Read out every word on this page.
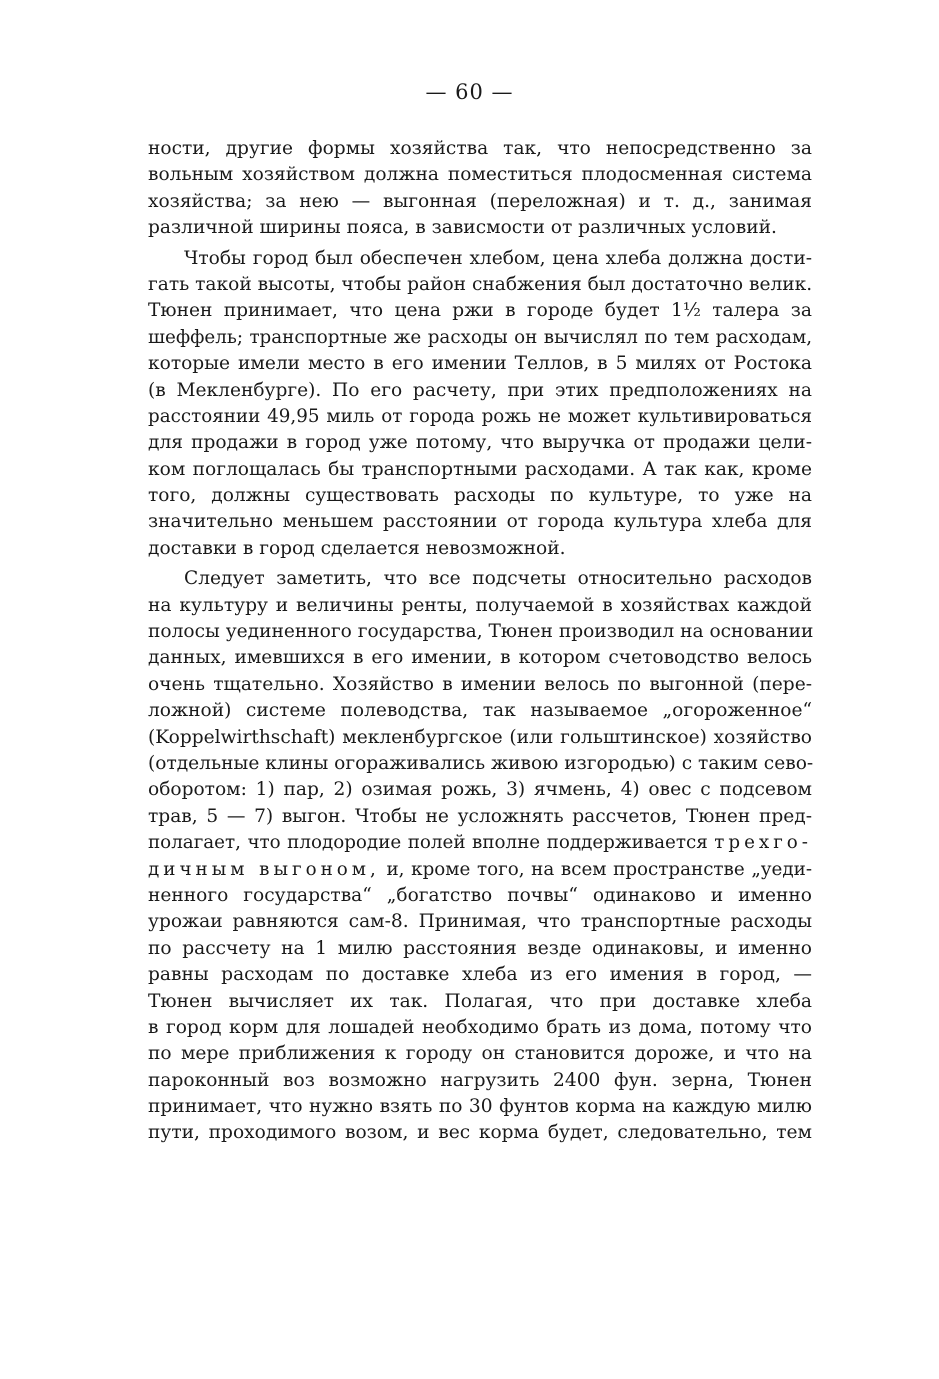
— 60 —
ности, другие формы хозяйства так, что непосредственно за
вольным хозяйством должна поместиться плодосменная система
хозяйства; за нею — выгонная (переложная) и т. д., занимая
различной ширины пояса, в зависмости от различных условий.
Чтобы город был обеспечен хлебом, цена хлеба должна дости-
гать такой высоты, чтобы район снабжения был достаточно велик.
Тюнен принимает, что цена ржи в городе будет 1½ талера за
шеффель; транспортные же расходы он вычислял по тем расходам,
которые имели место в его имении Теллов, в 5 милях от Ростока
(в Мекленбурге). По его расчету, при этих предположениях на
расстоянии 49,95 миль от города рожь не может культивироваться
для продажи в город уже потому, что выручка от продажи цели-
ком поглощалась бы транспортными расходами. А так как, кроме
того, должны существовать расходы по культуре, то уже на
значительно меньшем расстоянии от города культура хлеба для
доставки в город сделается невозможной.
Следует заметить, что все подсчеты относительно расходов
на культуру и величины ренты, получаемой в хозяйствах каждой
полосы уединенного государства, Тюнен производил на основании
данных, имевшихся в его имении, в котором счетоводство велось
очень тщательно. Хозяйство в имении велось по выгонной (пере-
ложной) системе полеводства, так называемое „огороженное“
(Koppelwirthschaft) мекленбургское (или гольштинское) хозяйство
(отдельные клины огораживались живою изгородью) с таким сево-
оборотом: 1) пар, 2) озимая рожь, 3) ячмень, 4) овес с подсевом
трав, 5 — 7) выгон. Чтобы не усложнять рассчетов, Тюнен пред-
полагает, что плодородие полей вполне поддерживается трехго-
дичным выгоном, и, кроме того, на всем пространстве „уеди-
ненного государства“ „богатство почвы“ одинаково и именно
урожаи равняются сам-8. Принимая, что транспортные расходы
по рассчету на 1 милю расстояния везде одинаковы, и именно
равны расходам по доставке хлеба из его имения в город, —
Тюнен вычисляет их так. Полагая, что при доставке хлеба
в город корм для лошадей необходимо брать из дома, потому что
по мере приближения к городу он становится дороже, и что на
пароконный воз возможно нагрузить 2400 фун. зерна, Тюнен
принимает, что нужно взять по 30 фунтов корма на каждую милю
пути, проходимого возом, и вес корма будет, следовательно, тем
